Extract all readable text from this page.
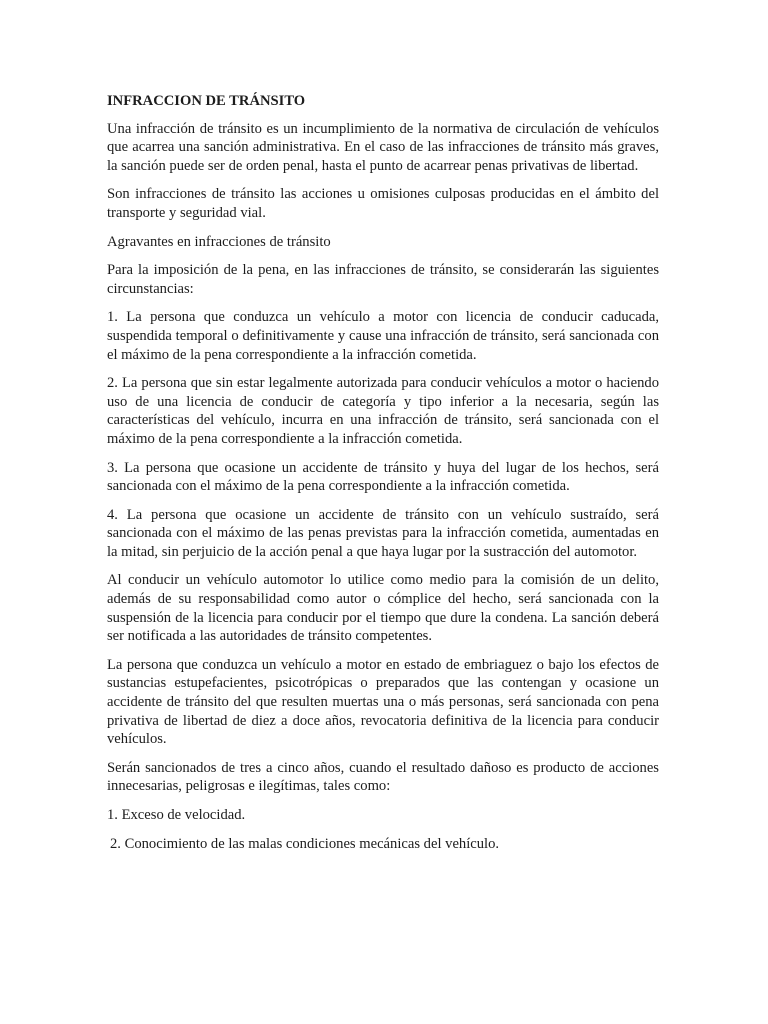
INFRACCION DE TRÁNSITO

Una infracción de tránsito es un incumplimiento de la normativa de circulación de vehículos que acarrea una sanción administrativa. En el caso de las infracciones de tránsito más graves, la sanción puede ser de orden penal, hasta el punto de acarrear penas privativas de libertad.

Son infracciones de tránsito las acciones u omisiones culposas producidas en el ámbito del transporte y seguridad vial.

Agravantes en infracciones de tránsito

Para la imposición de la pena, en las infracciones de tránsito, se considerarán las siguientes circunstancias:

1. La persona que conduzca un vehículo a motor con licencia de conducir caducada, suspendida temporal o definitivamente y cause una infracción de tránsito, será sancionada con el máximo de la pena correspondiente a la infracción cometida.

2. La persona que sin estar legalmente autorizada para conducir vehículos a motor o haciendo uso de una licencia de conducir de categoría y tipo inferior a la necesaria, según las características del vehículo, incurra en una infracción de tránsito, será sancionada con el máximo de la pena correspondiente a la infracción cometida.

3. La persona que ocasione un accidente de tránsito y huya del lugar de los hechos, será sancionada con el máximo de la pena correspondiente a la infracción cometida.

4. La persona que ocasione un accidente de tránsito con un vehículo sustraído, será sancionada con el máximo de las penas previstas para la infracción cometida, aumentadas en la mitad, sin perjuicio de la acción penal a que haya lugar por la sustracción del automotor.

Al conducir un vehículo automotor lo utilice como medio para la comisión de un delito, además de su responsabilidad como autor o cómplice del hecho, será sancionada con la suspensión de la licencia para conducir por el tiempo que dure la condena. La sanción deberá ser notificada a las autoridades de tránsito competentes.

La persona que conduzca un vehículo a motor en estado de embriaguez o bajo los efectos de sustancias estupefacientes, psicotrópicas o preparados que las contengan y ocasione un accidente de tránsito del que resulten muertas una o más personas, será sancionada con pena privativa de libertad de diez a doce años, revocatoria definitiva de la licencia para conducir vehículos.

Serán sancionados de tres a cinco años, cuando el resultado dañoso es producto de acciones innecesarias, peligrosas e ilegítimas, tales como:

1. Exceso de velocidad.

2. Conocimiento de las malas condiciones mecánicas del vehículo.
